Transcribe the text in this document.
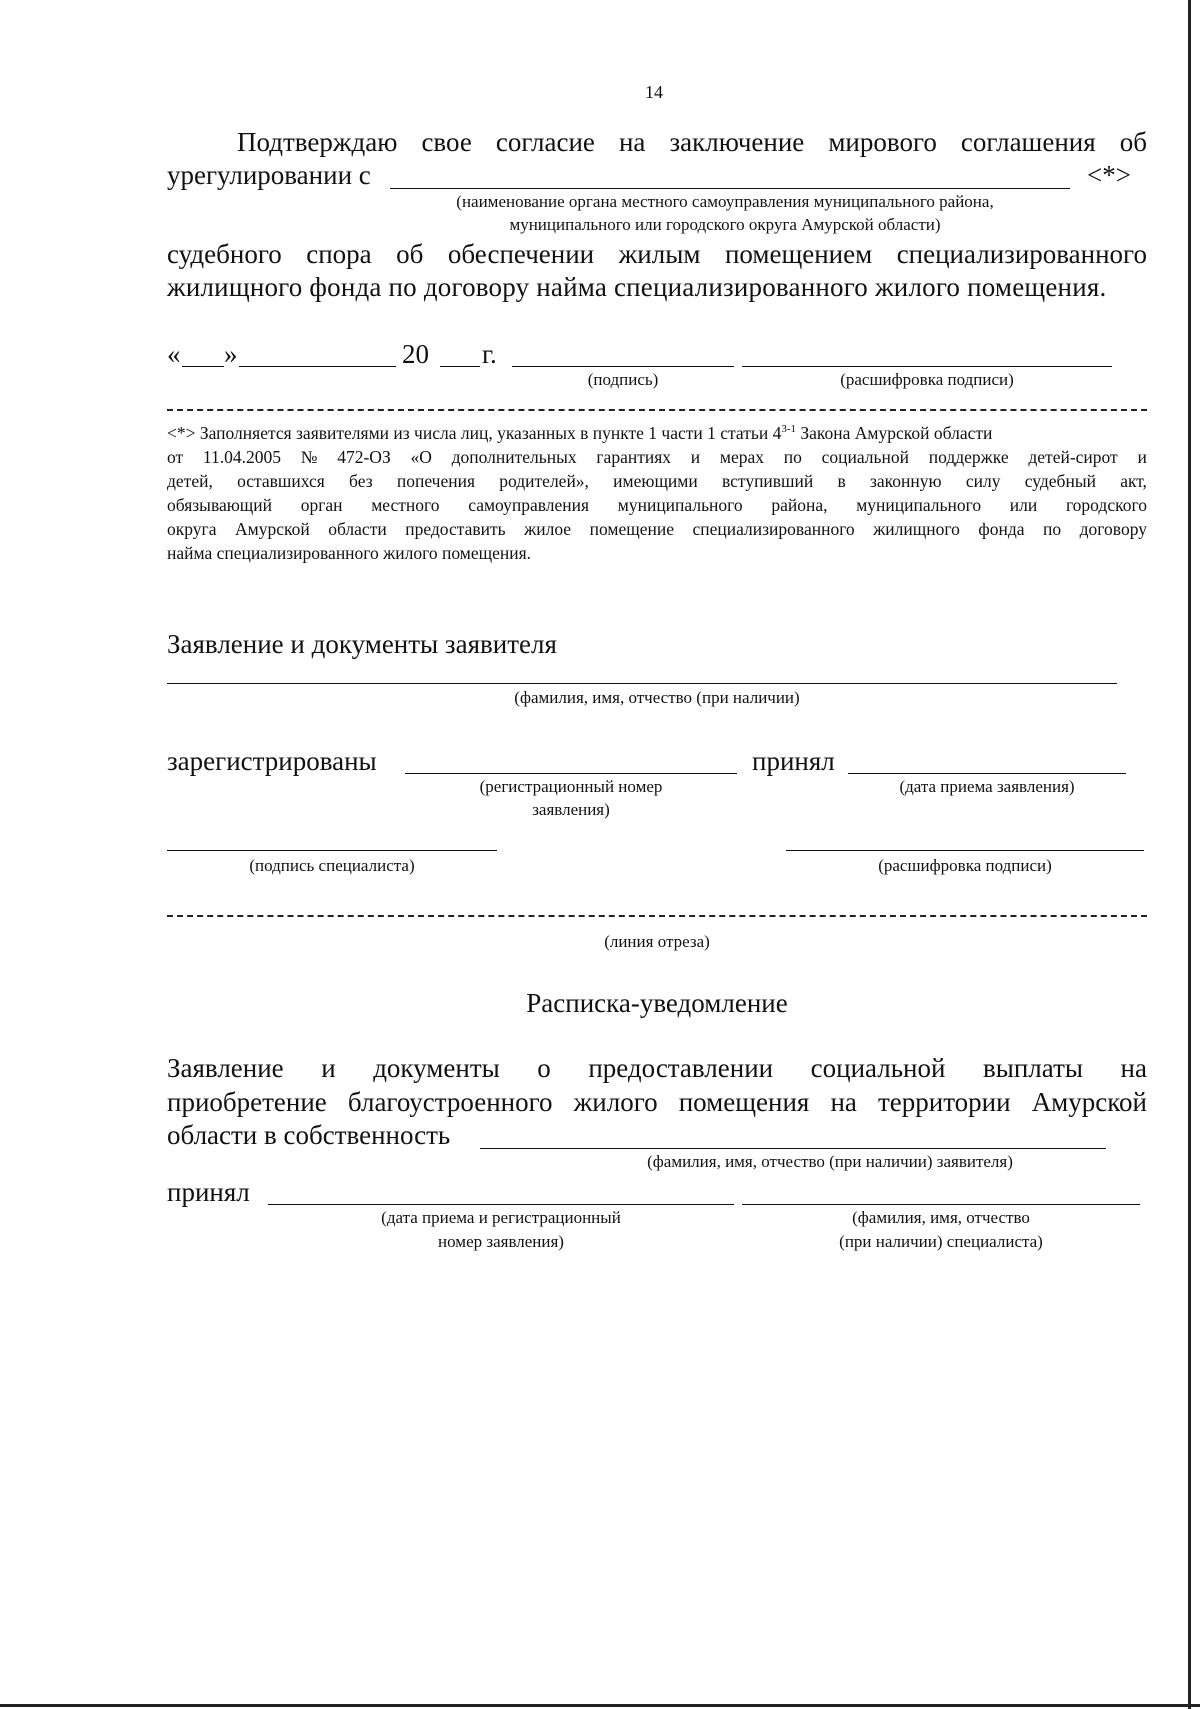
14
Подтверждаю свое согласие на заключение мирового соглашения об
урегулировании с	<*>
(наименование органа местного самоуправления муниципального района,
муниципального или городского округа Амурской области)
судебного спора об обеспечении жилым помещением специализированного
жилищного фонда по договору найма специализированного жилого помещения.
« »	20 г.
(подпись)	(расшифровка подписи)
<*> Заполняется заявителями из числа лиц, указанных в пункте 1 части 1 статьи 4$^{3-1}$ Закона Амурской области
от 11.04.2005 № 472-ОЗ «О дополнительных гарантиях и мерах по социальной поддержке детей-сирот и
детей, оставшихся без попечения родителей», имеющими вступивший в законную силу судебный акт,
обязывающий орган местного самоуправления муниципального района, муниципального или городского
округа Амурской области предоставить жилое помещение специализированного жилищного фонда по договору
найма специализированного жилого помещения.
Заявление и документы заявителя
(фамилия, имя, отчество (при наличии)
зарегистрированы	принял
(регистрационный номер
заявления)
(дата приема заявления)
(подпись специалиста)	(расшифровка подписи)
(линия отреза)
Расписка-уведомление
Заявление и документы о предоставлении социальной выплаты на
приобретение благоустроенного жилого помещения на территории Амурской
области в собственность
(фамилия, имя, отчество (при наличии) заявителя)
принял
(дата приема и регистрационный
номер заявления)
(фамилия, имя, отчество
(при наличии) специалиста)
